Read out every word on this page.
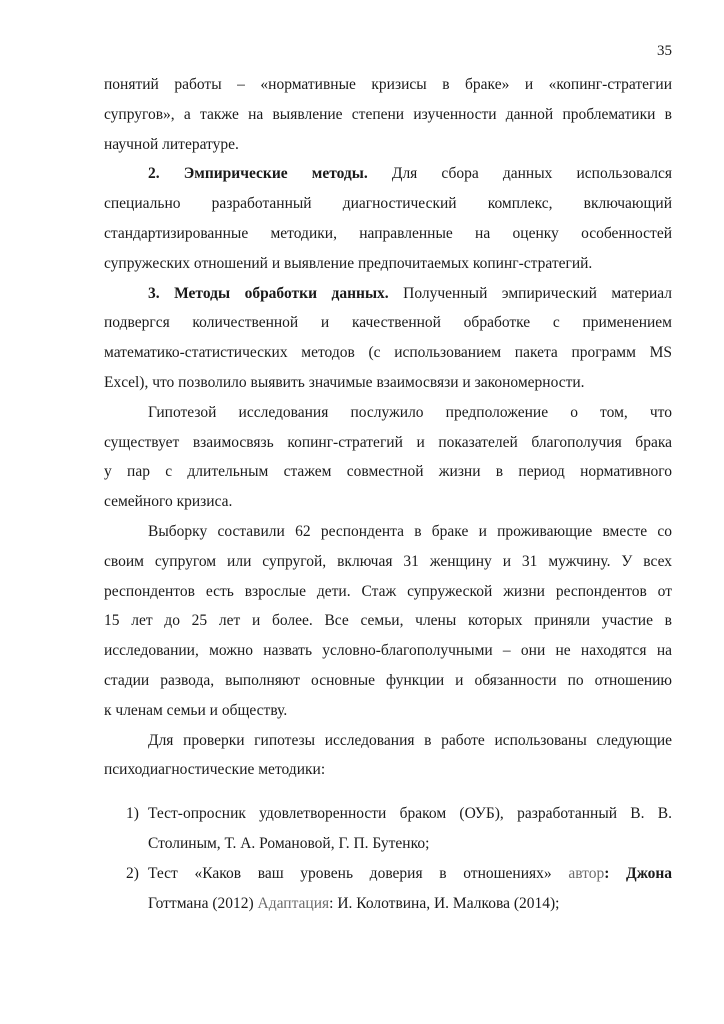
35
понятий работы – «нормативные кризисы в браке» и «копинг-стратегии
супругов», а также на выявление степени изученности данной проблематики в
научной литературе.
2. Эмпирические методы. Для сбора данных использовался
специально разработанный диагностический комплекс, включающий
стандартизированные методики, направленные на оценку особенностей
супружеских отношений и выявление предпочитаемых копинг-стратегий.
3. Методы обработки данных. Полученный эмпирический материал
подвергся количественной и качественной обработке с применением
математико-статистических методов (с использованием пакета программ MS
Excel), что позволило выявить значимые взаимосвязи и закономерности.
Гипотезой исследования послужило предположение о том, что
существует взаимосвязь копинг-стратегий и показателей благополучия брака
у пар с длительным стажем совместной жизни в период нормативного
семейного кризиса.
Выборку составили 62 респондента в браке и проживающие вместе со
своим супругом или супругой, включая 31 женщину и 31 мужчину. У всех
респондентов есть взрослые дети. Стаж супружеской жизни респондентов от
15 лет до 25 лет и более. Все семьи, члены которых приняли участие в
исследовании, можно назвать условно-благополучными – они не находятся на
стадии развода, выполняют основные функции и обязанности по отношению
к членам семьи и обществу.
Для проверки гипотезы исследования в работе использованы следующие
психодиагностические методики:
1) Тест-опросник удовлетворенности браком (ОУБ), разработанный В. В.
Столиным, Т. А. Романовой, Г. П. Бутенко;
2) Тест «Каков ваш уровень доверия в отношениях» автор: Джона
Готтмана (2012) Адаптация: И. Колотвина, И. Малкова (2014);
